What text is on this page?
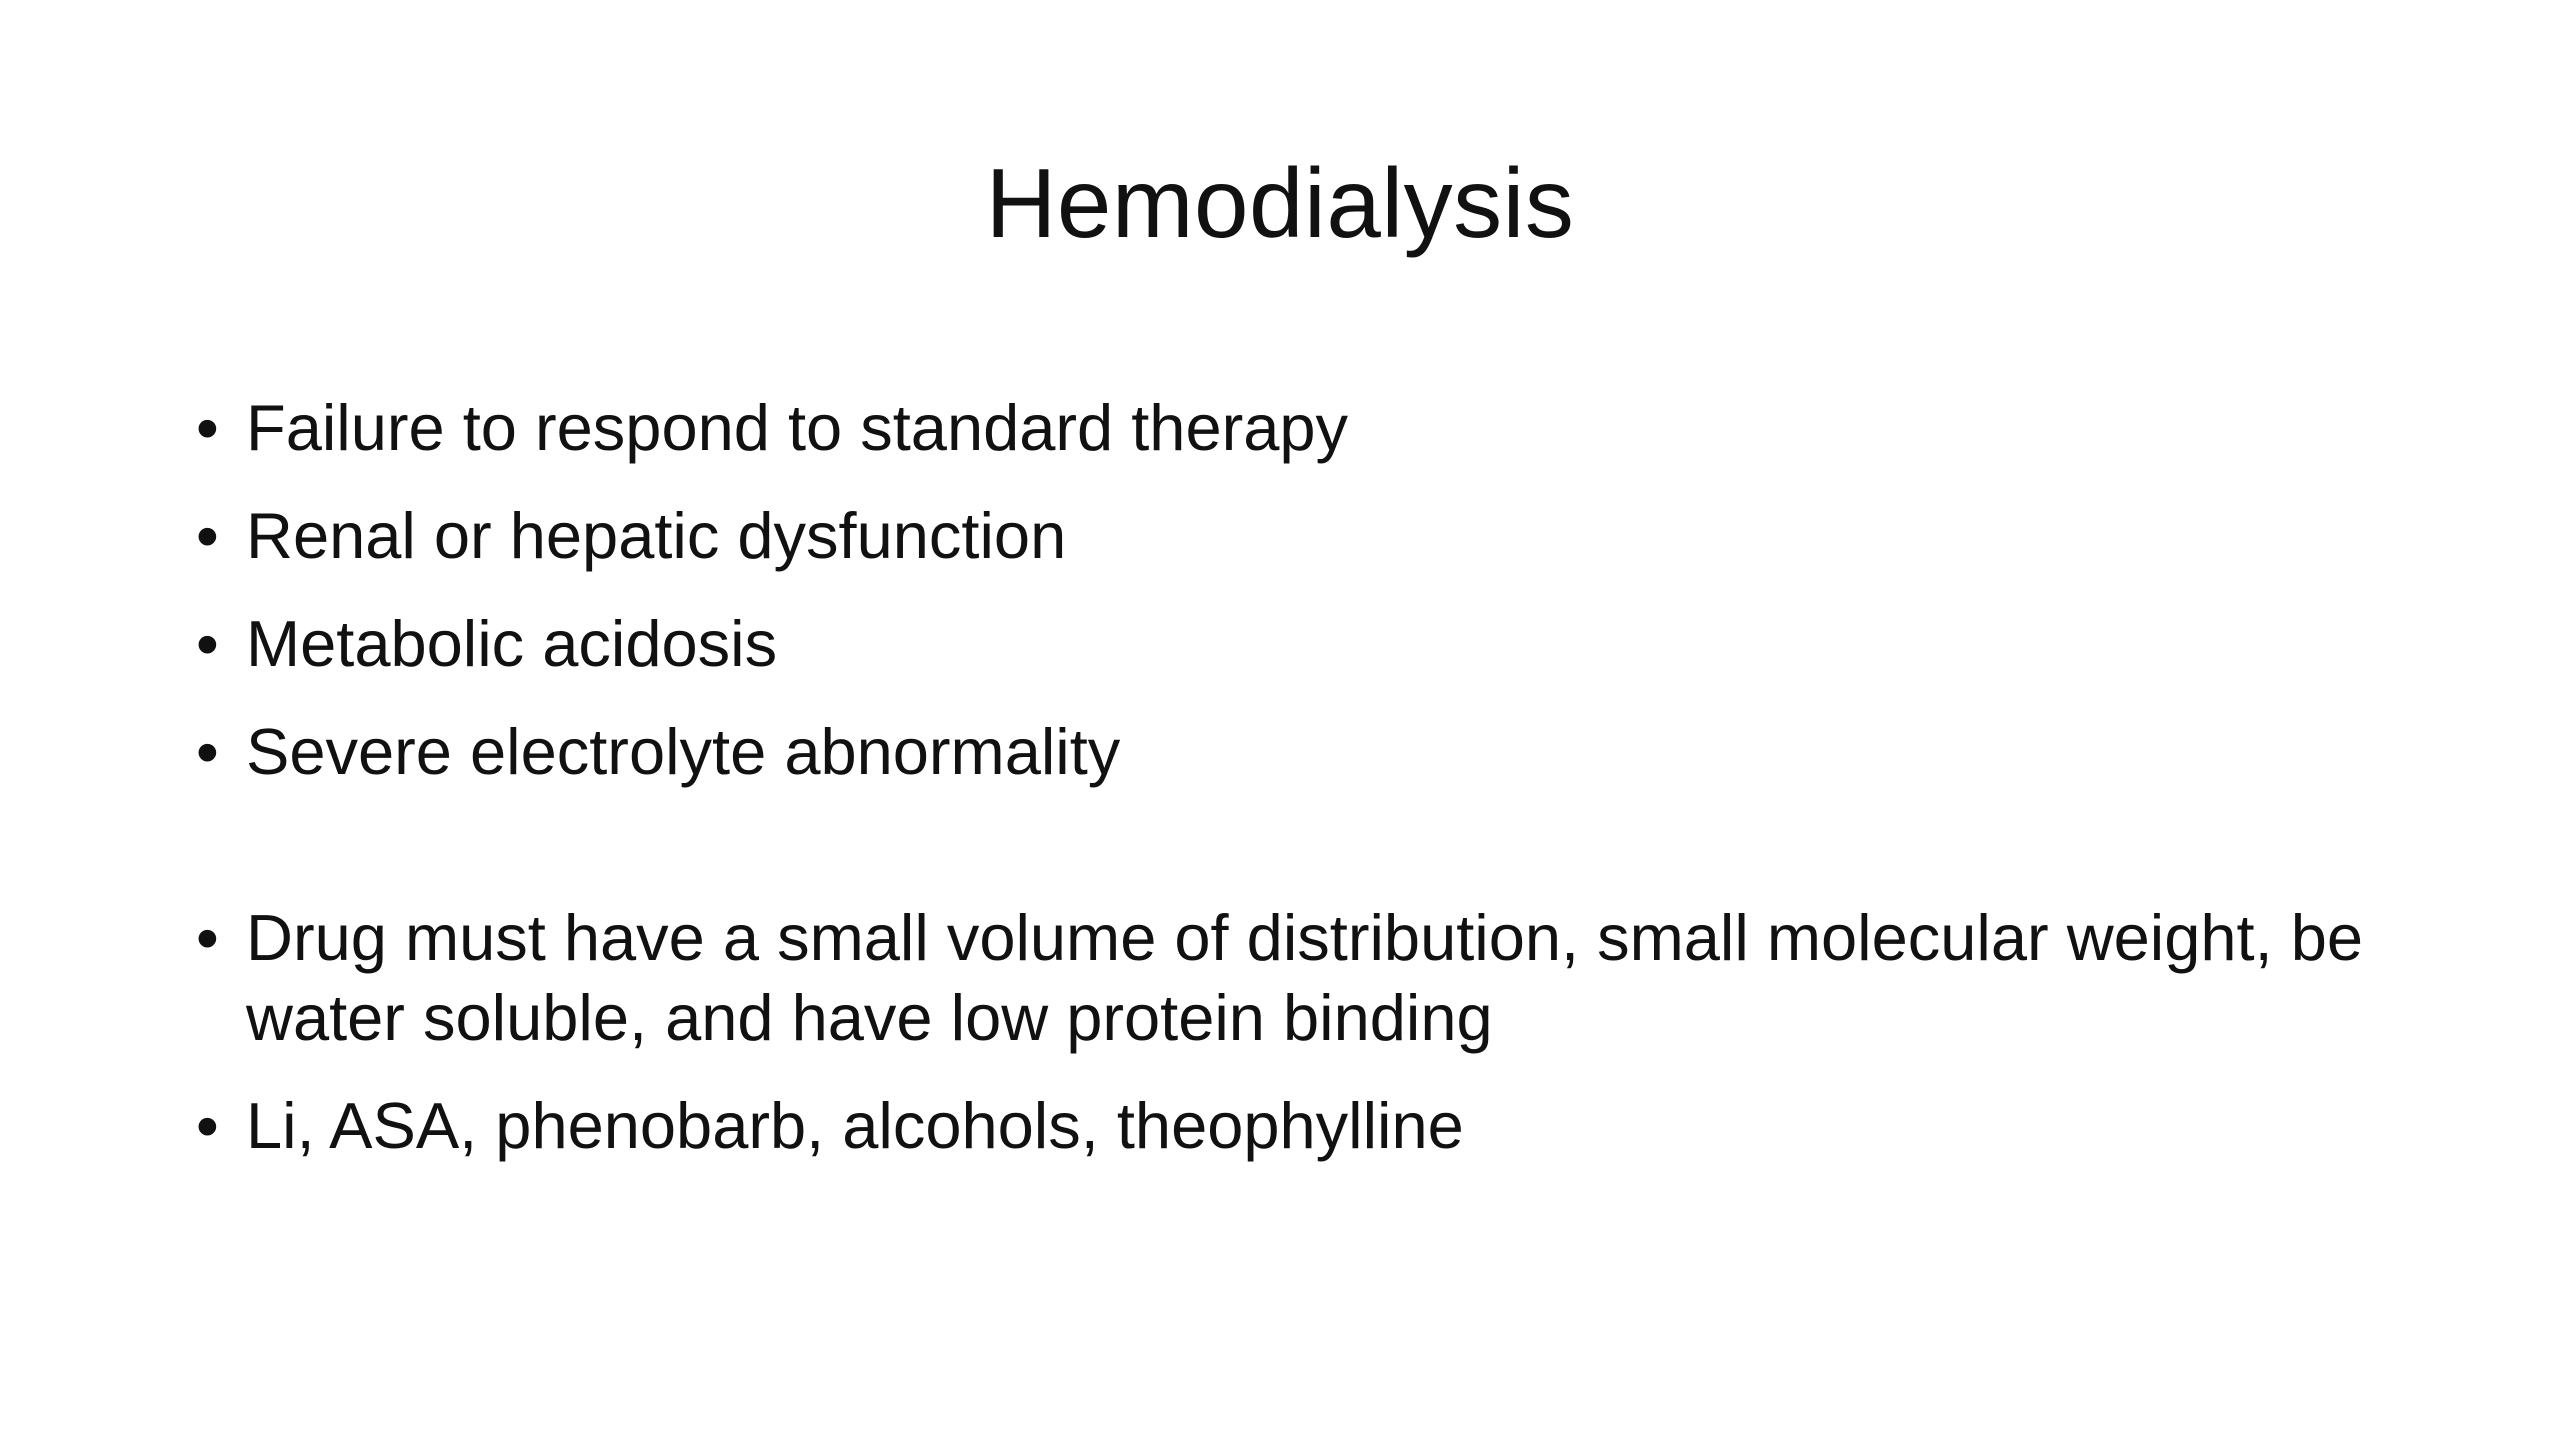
Hemodialysis
• Failure to respond to standard therapy
• Renal or hepatic dysfunction
• Metabolic acidosis
• Severe electrolyte abnormality
• Drug must have a small volume of distribution, small molecular weight, be water soluble, and have low protein binding
• Li, ASA, phenobarb, alcohols, theophylline
